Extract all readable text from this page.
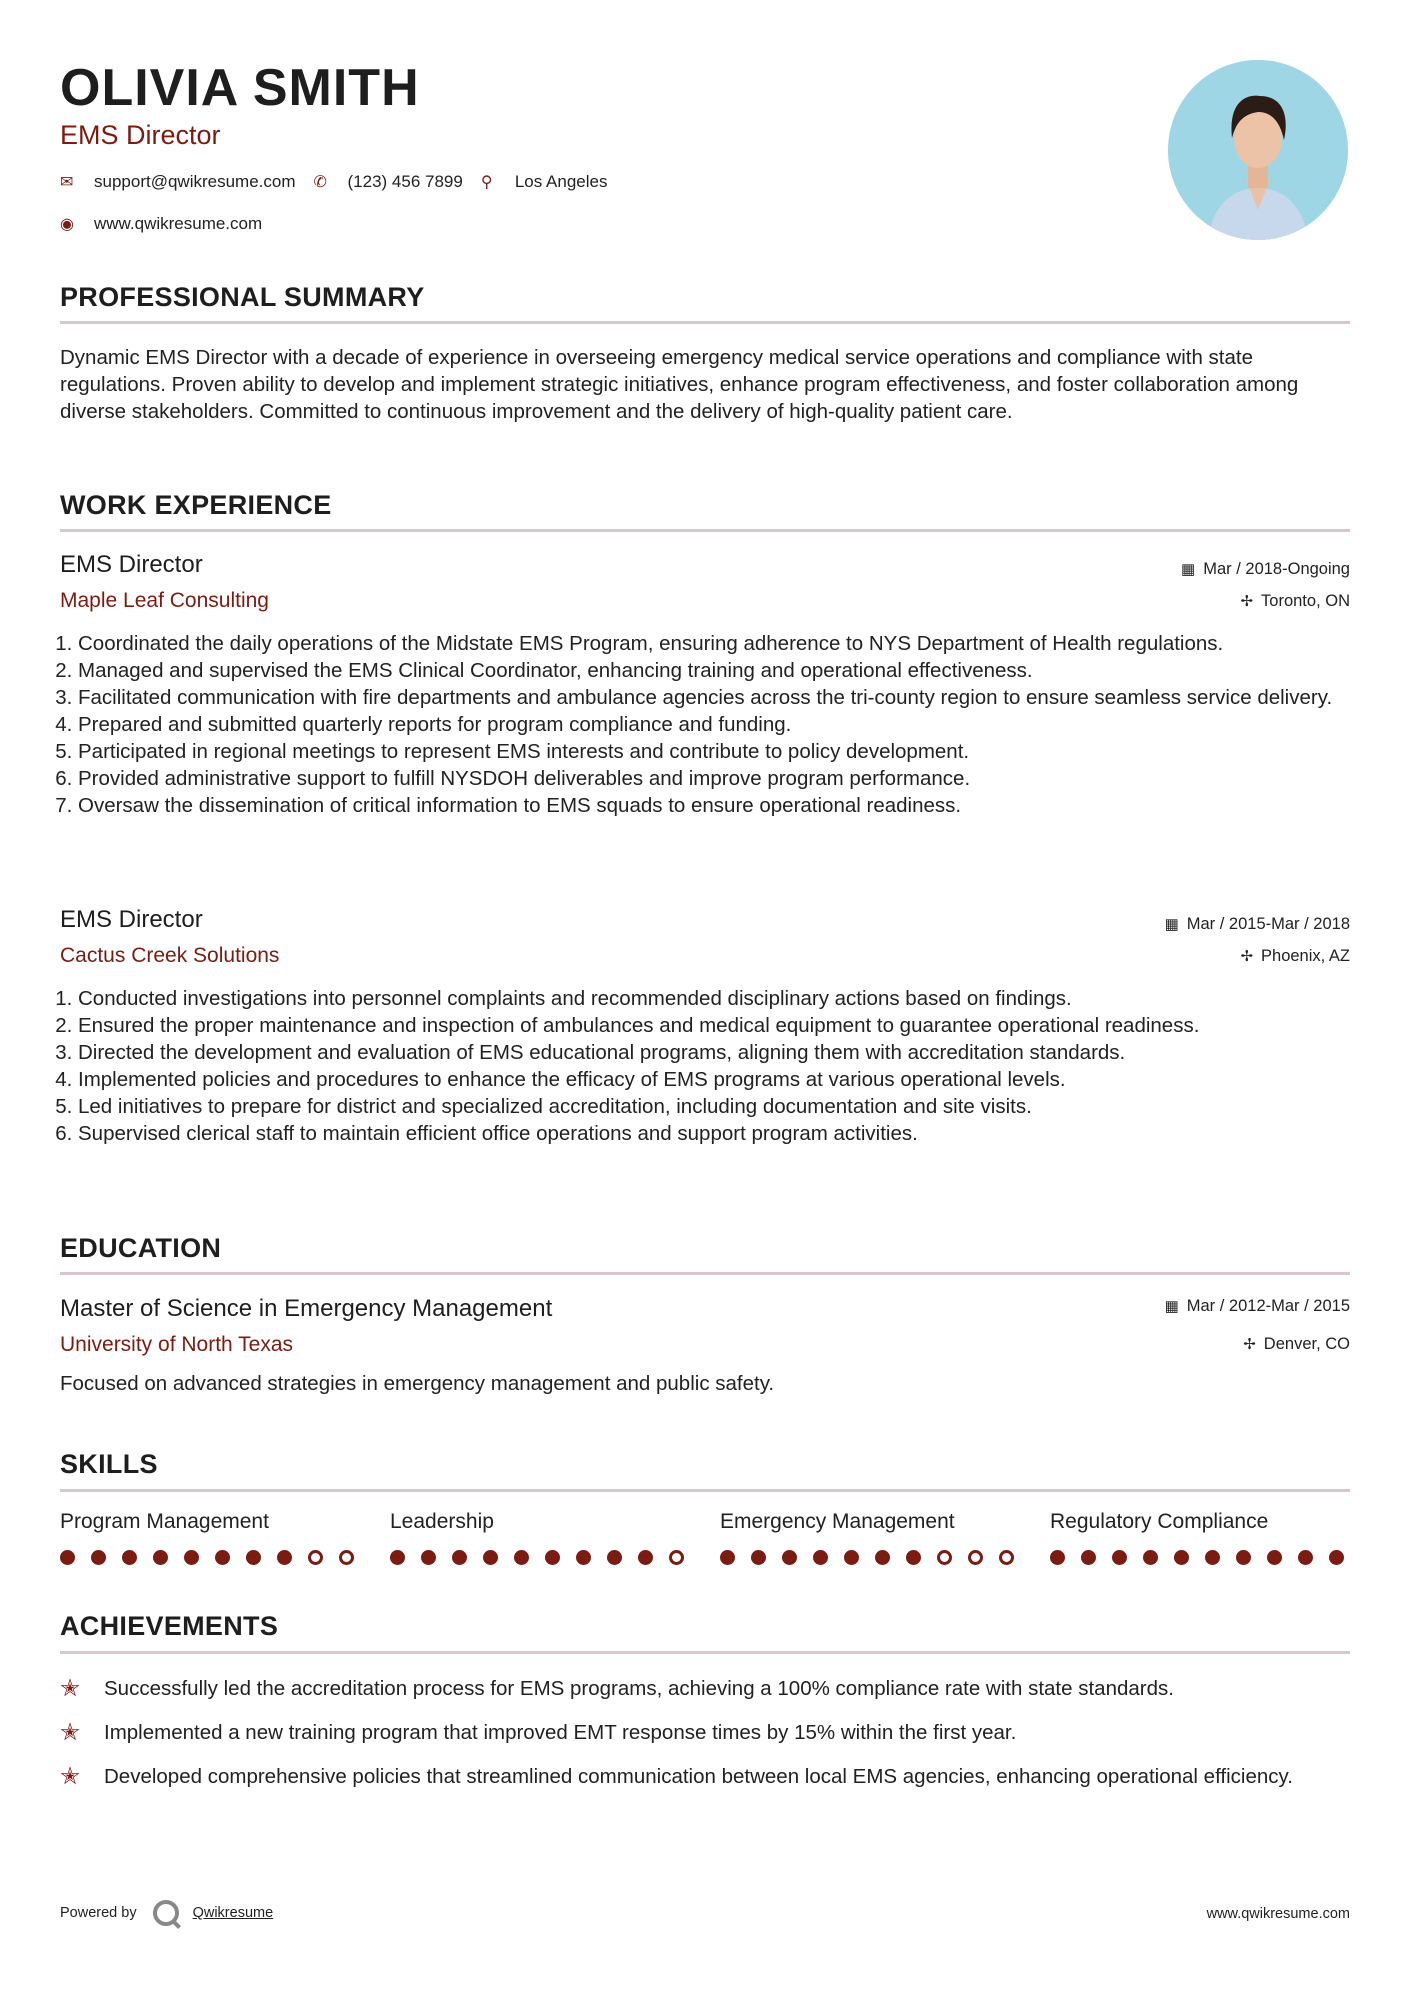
OLIVIA SMITH
EMS Director
✉	support@qwikresume.com ✆	(123) 456 7899 ⚲	Los Angeles
◉	www.qwikresume.com
PROFESSIONAL SUMMARY
Dynamic EMS Director with a decade of experience in overseeing emergency medical service operations and compliance with state regulations. Proven ability to develop and implement strategic initiatives, enhance program effectiveness, and foster collaboration among diverse stakeholders. Committed to continuous improvement and the delivery of high-quality patient care.
WORK EXPERIENCE
EMS Director
Maple Leaf Consulting
▦ Mar / 2018-Ongoing
✢ Toronto, ON
1. Coordinated the daily operations of the Midstate EMS Program, ensuring adherence to NYS Department of Health regulations.
2. Managed and supervised the EMS Clinical Coordinator, enhancing training and operational effectiveness.
3. Facilitated communication with fire departments and ambulance agencies across the tri-county region to ensure seamless service delivery.
4. Prepared and submitted quarterly reports for program compliance and funding.
5. Participated in regional meetings to represent EMS interests and contribute to policy development.
6. Provided administrative support to fulfill NYSDOH deliverables and improve program performance.
7. Oversaw the dissemination of critical information to EMS squads to ensure operational readiness.
EMS Director
Cactus Creek Solutions
▦ Mar / 2015-Mar / 2018
✢ Phoenix, AZ
1. Conducted investigations into personnel complaints and recommended disciplinary actions based on findings.
2. Ensured the proper maintenance and inspection of ambulances and medical equipment to guarantee operational readiness.
3. Directed the development and evaluation of EMS educational programs, aligning them with accreditation standards.
4. Implemented policies and procedures to enhance the efficacy of EMS programs at various operational levels.
5. Led initiatives to prepare for district and specialized accreditation, including documentation and site visits.
6. Supervised clerical staff to maintain efficient office operations and support program activities.
EDUCATION
Master of Science in Emergency Management
University of North Texas
▦ Mar / 2012-Mar / 2015
✢ Denver, CO
Focused on advanced strategies in emergency management and public safety.
SKILLS
Program Management	Leadership	Emergency Management	Regulatory Compliance
ACHIEVEMENTS
✭	Successfully led the accreditation process for EMS programs, achieving a 100% compliance rate with state standards.
✭	Implemented a new training program that improved EMT response times by 15% within the first year.
✭	Developed comprehensive policies that streamlined communication between local EMS agencies, enhancing operational efficiency.
Powered by	Qwikresume	www.qwikresume.com
